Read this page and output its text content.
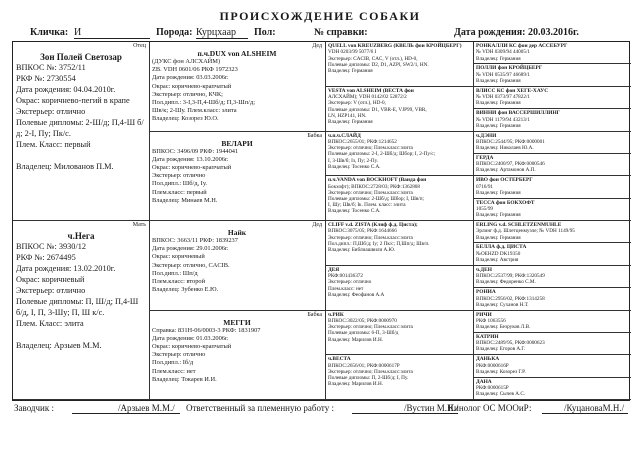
ПРОИСХОЖДЕНИЕ СОБАКИ
Кличка: И	Порода: Курцхаар	Пол:	№ справки:	Дата рождения: 20.03.2016г.
Отец
Зон Полей Светозар
ВПКОС №: 3752/11
РКФ №: 2730554
Дата рождения: 04.04.2010г.
Окрас: коричнево-пегий в крапе
Экстерьер: отлично
Полевые дипломы: 2-Ш/д; П,4-Ш б/д; 2-I, Пу; Пк/с.
Плем. Класс: первый

Владелец: Милованов П.М.
Мать
ч.Нега
ВПКОС №: 3930/12
РКФ №: 2674495
Дата рождения: 13.02.2010г.
Окрас: коричневый
Экстерьер: отлично
Полевые дипломы: П, Ш/д; П,4-Ш б/д, I, П, 3-Шу; П, Ш к/с.
Плем. Класс: элита

Владелец: Арзыев М.М.
Дед
п.ч.DUX von ALSHEIM
(ДУКС фон АЛСХАЙМ)
ZB. VDH 0601/06 РКФ 1972323
Дата рождения: 03.03.2006г.
Окрас: коричнево-крапчатый
Экстерьер: отлично, КЧК;
Пол.дипл.: 3-I,3-П,4-Шб/д; П,3-Шп/д;
Шв/к; 2-Шу. Плем.класс: элита
Владелец: Козорез Ю.О.
Бабка
ВЕЛАРИ
ВПКОС: 3496/09 РКФ: 1944041
Дата рождения: 13.10.2006г.
Окрас: коричнево-крапчатый
Экстерьер: отлично
Пол.дипл.: Шб/д, Iу.
Плем.класс: первый
Владелец: Минаев М.Н.
Дед
Найк
ВПКОС: 3663/11 РКФ: 1839237
Дата рождения: 29.01.2006г.
Окрас: коричневый
Экстерьер: отлично, CACIB.
Пол.дипл.: Шп/д
Плем.класс: второй
Владелец: Зубенко Е.Ю.
Бабка
МЕГГИ
Справка: 831Н-06/0003-3 РКФ: 1831907
Дата рождения: 01.03.2006г.
Окрас: коричнево-крапчатый
Экстерьер: отлично
Пол.дипл.: Iб/д
Плем.класс: нет
Владелец: Токарев И.И.
QUELL von KREUZBERG (КВЕЛЬ фон КРОЙЦБЕРГ)
VDH 0203/99 5077/6 I
Экстерьер: CACIB, CAC, V (отл.), HD-0,
Полевые дипломы: D2, D1, AZPl, SW2/1, HN.
Владелец: Германия
VESTA von ALSHEIM (ВЕСТА фон
АЛСХАЙМ); VDH 0142/02 52872/2
Экстерьер: V (отл.), HD-0,
Полевые дипломы: D1, VBR-E, VJP99, VBR,
LN, HZP141, HN.
Владелец: Германия
ч.п.ч.СЛАЙД
ВПКОС:2655/01; РКФ:1214652
Экстерьер: отлично; Плем.класс:элита
Полевые дипломы: 2-I, 2-Шб/д; Шбор; I, 2-Пу/с;
I, 3-Шв/б; Iз, Пу; 2-Пу.
Владелец: Тосенко С.А.
п.ч.VANDA von BOCKHOFT (Ванда фон
Бокхофт); ВПКОС:2728/03; РКФ:1362808
Экстерьер: отлично; Плем.класс:элита
Полевые дипломы: 2-Шб/д; Шбор; I, Шв/п;
I, Шу; Шв/б; Iк. Плем. класс: элита
Владелец: Тосенко С.А.
CLIFF v.d. ZISTA (Клиф ф.д. Циста);
ВПКОС:3075/05; РКФ:1644666
Экстерьер: отлично; Плем.класс:элита
Пол.дипл.: П,Шб/д; Iу; 2 Пк/с; П,Шп/д; Шв/п.
Владелец: Библиашвили А.Ю.
ДЕЯ
РКФ:001436372
Экстерьер: отлично
Плем.класс: нет
Владелец: Феофанов А.А
ч.РИК
ВПКОС:3022/05; РКФ:0000970
Экстерьер: отлично; Плем.класс:элита
Полевые дипломы: 6-П, 3-Шб/д
Владелец: Марилов И.Н.
ч.ВЕСТА
ВПКОС:2656/01; РКФ:0000617Р
Экстерьер: отлично; Плем.класс:элита
Полевые дипломы: П, 2-Шб/д; I, Пу.
Владелец: Марилов И.Н.
РОНКАЛЛИ КС фон дер АССЕБУРГ
№ VDH 0309/94 44005/1
Владелец: Германия
ПОЛЛИ фон КРОЙЦБЕРГ
№ VDH 0535/97 46689/1
Владелец: Германия
ВЛИСС КС фон ХЕГЕ-ХАУС
№ VDH 0373/97 47822/1
Владелец: Германия
ВИННИ фон ВАССЕРШИЛЛИНГ
№ VDH 1179/94 43213/1
Владелец: Германия
ч.ДЭНИ
ВПКОС:2544/95; РКФ:0000001
Владелец: Николаев Ю.А.
ГЕРДА
ВПКОС:2400/97, РКФ:0000546
Владелец: Артамонов А.П.
ИВО фон ОСТЕРБЕРГ
0716/91
Владелец: Германия
ТЕССА фон БОКХОФТ
1055/99
Владелец: Германия
ERLING v.d. SCHLETZENMUHLE
Эрлинг ф.д. Шлетценмуэле; № VDH 1149/95
Владелец: Германия
БЕЛЛА ф.д. ЦИСТА
№ОЕНZD DK19350
Владелец: Австрия
ч.ДЕН
ВПКОС:2537/99; РКФ:1320549
Владелец: Федоренко С.М.
РОНИА
ВПКОС:2956/02, РКФ:1314258
Владелец: Суханов Н.Т.
РИЧИ
РКФ 1063556
Владелец: Безруков Л.В.
КАТРИН
ВПКОС:2489/95, РКФ:0000623
Владелец: Егоров А.Г.
ДАНЬКА
РКФ:0000616Р
Владелец: Козорез Г.Р.
ДАНА
РКФ:0000615Р
Владелец: Сычев А.С.
Заводчик :	/Арзыев М.М./	Ответственный за племенную работу :	/Вустин М.Н./
Кинолог ОС МООиР:	/КуцановаМ.Н./
